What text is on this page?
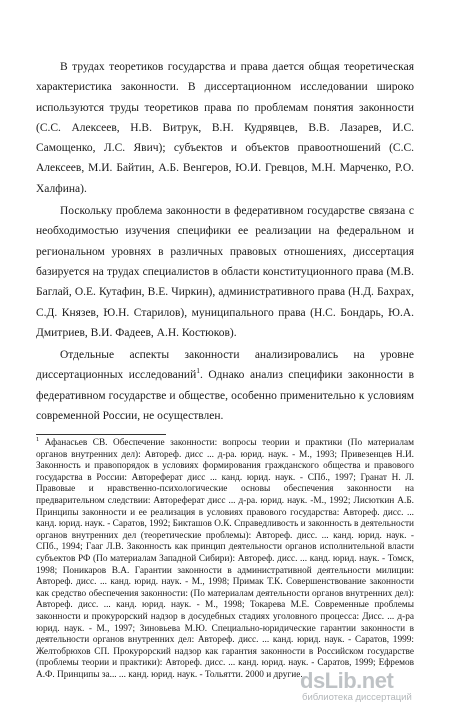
В трудах теоретиков государства и права дается общая теоретическая характеристика законности. В диссертационном исследовании широко используются труды теоретиков права по проблемам понятия законности (С.С. Алексеев, Н.В. Витрук, В.Н. Кудрявцев, В.В. Лазарев, И.С. Самощенко, Л.С. Явич); субъектов и объектов правоотношений (С.С. Алексеев, М.И. Байтин, А.Б. Венгеров, Ю.И. Гревцов, М.Н. Марченко, Р.О. Халфина).

Поскольку проблема законности в федеративном государстве связана с необходимостью изучения специфики ее реализации на федеральном и региональном уровнях в различных правовых отношениях, диссертация базируется на трудах специалистов в области конституционного права (М.В. Баглай, О.Е. Кутафин, В.Е. Чиркин), административного права (Н.Д. Бахрах, С.Д. Князев, Ю.Н. Старилов), муниципального права (Н.С. Бондарь, Ю.А. Дмитриев, В.И. Фадеев, А.Н. Костюков).

Отдельные аспекты законности анализировались на уровне диссертационных исследований$^1$. Однако анализ специфики законности в федеративном государстве и обществе, особенно применительно к условиям современной России, не осуществлен.

$^1$ Афанасьев СВ. Обеспечение законности: вопросы теории и практики (По материалам органов внутренних дел): Автореф. дисс ... д-ра. юрид. наук. - М., 1993; Привезенцев Н.И. Законность и правопорядок в условиях формирования гражданского общества и правового государства в России: Автореферат дисс ... канд. юрид. наук. - СПб., 1997; Гранат Н. Л. Правовые и нравственно-психологические основы обеспечения законности на предварительном следствии: Автореферат дисс ... д-ра. юрид. наук. -М., 1992; Лисюткин А.Б. Принципы законности и ее реализация в условиях правового государства: Автореф. дисс. ... канд. юрид. наук. - Саратов, 1992; Бикташов О.К. Справедливость и законность в деятельности органов внутренних дел (теоретические проблемы): Автореф. дисс. ... канд. юрид. наук. - СПб., 1994; Гааг Л.В. Законность как принцип деятельности органов исполнительной власти субъектов РФ (По материалам Западной Сибири): Автореф. дисс. ... канд. юрид. наук. - Томск, 1998; Поникаров В.А. Гарантии законности в административной деятельности милиции: Автореф. дисс. ... канд. юрид. наук. - М., 1998; Примак Т.К. Совершенствование законности как средство обеспечения законности: (По материалам деятельности органов внутренних дел): Автореф. дисс. ... канд. юрид. наук. - М., 1998; Токарева М.Е. Современные проблемы законности и прокурорский надзор в досудебных стадиях уголовного процесса: Дисс. ... д-ра юрид. наук. - М., 1997; Зиновьева М.Ю. Специально-юридические гарантии законности в деятельности органов внутренних дел: Автореф. дисс. ... канд. юрид. наук. - Саратов, 1999: Желтобрюхов СП. Прокурорский надзор как гарантия законности в Российском государстве (проблемы теории и практики): Автореф. дисс. ... канд. юрид. наук. - Саратов, 1999; Ефремов А.Ф. Принципы за... ... канд. юрид. наук. - Тольятти. 2000 и другие.

dsLib.net
библиотека диссертаций
